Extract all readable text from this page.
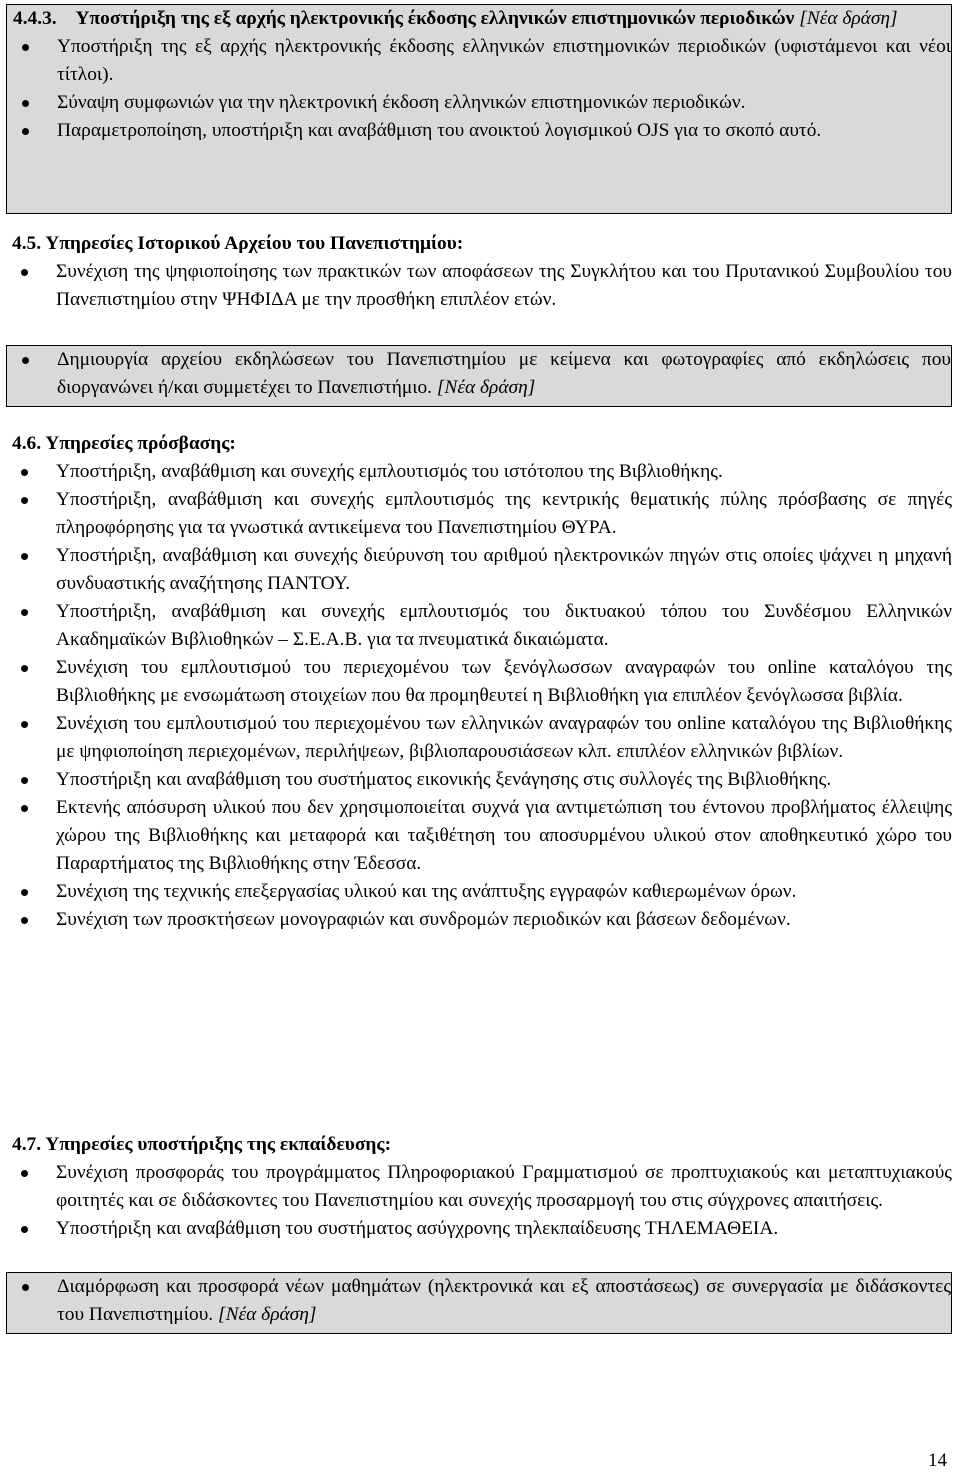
4.4.3. Υποστήριξη της εξ αρχής ηλεκτρονικής έκδοσης ελληνικών επιστημονικών περιοδικών [Νέα δράση]

Υποστήριξη της εξ αρχής ηλεκτρονικής έκδοσης ελληνικών επιστημονικών περιοδικών (υφιστάμενοι και νέοι τίτλοι).
Σύναψη συμφωνιών για την ηλεκτρονική έκδοση ελληνικών επιστημονικών περιοδικών.
Παραμετροποίηση, υποστήριξη και αναβάθμιση του ανοικτού λογισμικού OJS για το σκοπό αυτό.

4.5. Υπηρεσίες Ιστορικού Αρχείου του Πανεπιστημίου:

Συνέχιση της ψηφιοποίησης των πρακτικών των αποφάσεων της Συγκλήτου και του Πρυτανικού Συμβουλίου του Πανεπιστημίου στην ΨΗΦΙΔΑ με την προσθήκη επιπλέον ετών.
Δημιουργία αρχείου εκδηλώσεων του Πανεπιστημίου με κείμενα και φωτογραφίες από εκδηλώσεις που διοργανώνει ή/και συμμετέχει το Πανεπιστήμιο. [Νέα δράση]

4.6. Υπηρεσίες πρόσβασης:

Υποστήριξη, αναβάθμιση και συνεχής εμπλουτισμός του ιστότοπου της Βιβλιοθήκης.
Υποστήριξη, αναβάθμιση και συνεχής εμπλουτισμός της κεντρικής θεματικής πύλης πρόσβασης σε πηγές πληροφόρησης για τα γνωστικά αντικείμενα του Πανεπιστημίου ΘΥΡΑ.
Υποστήριξη, αναβάθμιση και συνεχής διεύρυνση του αριθμού ηλεκτρονικών πηγών στις οποίες ψάχνει η μηχανή συνδυαστικής αναζήτησης ΠΑΝΤΟΥ.
Υποστήριξη, αναβάθμιση και συνεχής εμπλουτισμός του δικτυακού τόπου του Συνδέσμου Ελληνικών Ακαδημαϊκών Βιβλιοθηκών – Σ.Ε.Α.Β. για τα πνευματικά δικαιώματα.
Συνέχιση του εμπλουτισμού του περιεχομένου των ξενόγλωσσων αναγραφών του online καταλόγου της Βιβλιοθήκης με ενσωμάτωση στοιχείων που θα προμηθευτεί η Βιβλιοθήκη για επιπλέον ξενόγλωσσα βιβλία.
Συνέχιση του εμπλουτισμού του περιεχομένου των ελληνικών αναγραφών του online καταλόγου της Βιβλιοθήκης με ψηφιοποίηση περιεχομένων, περιλήψεων, βιβλιοπαρουσιάσεων κλπ. επιπλέον ελληνικών βιβλίων.
Υποστήριξη και αναβάθμιση του συστήματος εικονικής ξενάγησης στις συλλογές της Βιβλιοθήκης.
Εκτενής απόσυρση υλικού που δεν χρησιμοποιείται συχνά για αντιμετώπιση του έντονου προβλήματος έλλειψης χώρου της Βιβλιοθήκης και μεταφορά και ταξιθέτηση του αποσυρμένου υλικού στον αποθηκευτικό χώρο του Παραρτήματος της Βιβλιοθήκης στην Έδεσσα.
Συνέχιση της τεχνικής επεξεργασίας υλικού και της ανάπτυξης εγγραφών καθιερωμένων όρων.
Συνέχιση των προσκτήσεων μονογραφιών και συνδρομών περιοδικών και βάσεων δεδομένων.

4.7. Υπηρεσίες υποστήριξης της εκπαίδευσης:

Συνέχιση προσφοράς του προγράμματος Πληροφοριακού Γραμματισμού σε προπτυχιακούς και μεταπτυχιακούς φοιτητές και σε διδάσκοντες του Πανεπιστημίου και συνεχής προσαρμογή του στις σύγχρονες απαιτήσεις.
Υποστήριξη και αναβάθμιση του συστήματος ασύγχρονης τηλεκπαίδευσης ΤΗΛΕΜΑΘΕΙΑ.
Διαμόρφωση και προσφορά νέων μαθημάτων (ηλεκτρονικά και εξ αποστάσεως) σε συνεργασία με διδάσκοντες του Πανεπιστημίου. [Νέα δράση]
14
